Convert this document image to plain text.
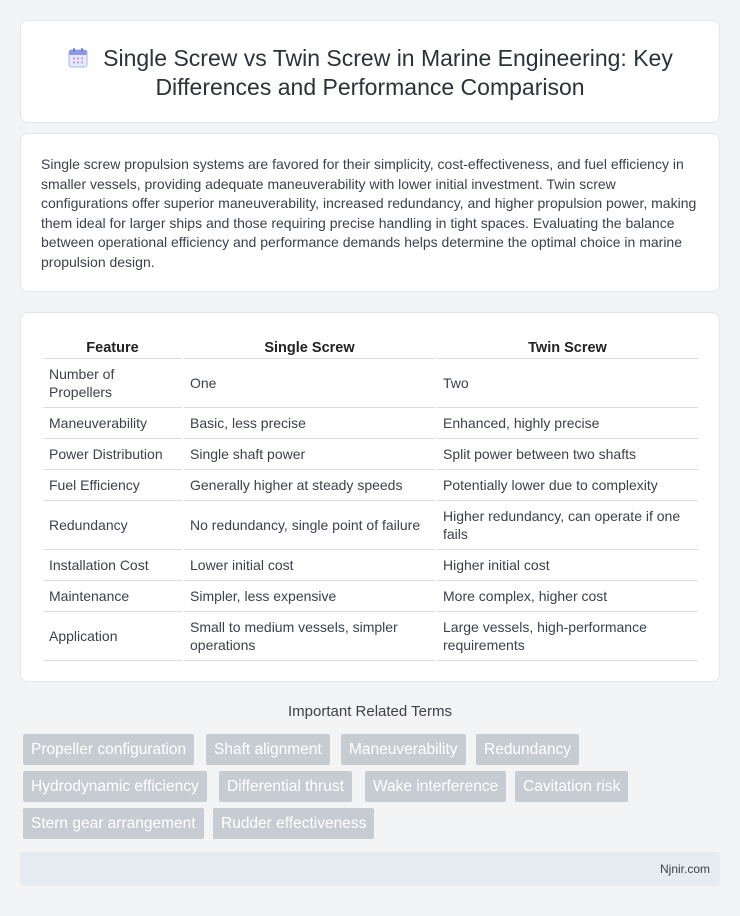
Single Screw vs Twin Screw in Marine Engineering: Key Differences and Performance Comparison

Single screw propulsion systems are favored for their simplicity, cost-effectiveness, and fuel efficiency in smaller vessels, providing adequate maneuverability with lower initial investment. Twin screw configurations offer superior maneuverability, increased redundancy, and higher propulsion power, making them ideal for larger ships and those requiring precise handling in tight spaces. Evaluating the balance between operational efficiency and performance demands helps determine the optimal choice in marine propulsion design.

Feature	Single Screw	Twin Screw
Number of Propellers	One	Two
Maneuverability	Basic, less precise	Enhanced, highly precise
Power Distribution	Single shaft power	Split power between two shafts
Fuel Efficiency	Generally higher at steady speeds	Potentially lower due to complexity
Redundancy	No redundancy, single point of failure	Higher redundancy, can operate if one fails
Installation Cost	Lower initial cost	Higher initial cost
Maintenance	Simpler, less expensive	More complex, higher cost
Application	Small to medium vessels, simpler operations	Large vessels, high-performance requirements
Important Related Terms
Propeller configuration	Shaft alignment	Maneuverability	Redundancy
Hydrodynamic efficiency	Differential thrust	Wake interference	Cavitation risk
Stern gear arrangement	Rudder effectiveness
Njnir.com
